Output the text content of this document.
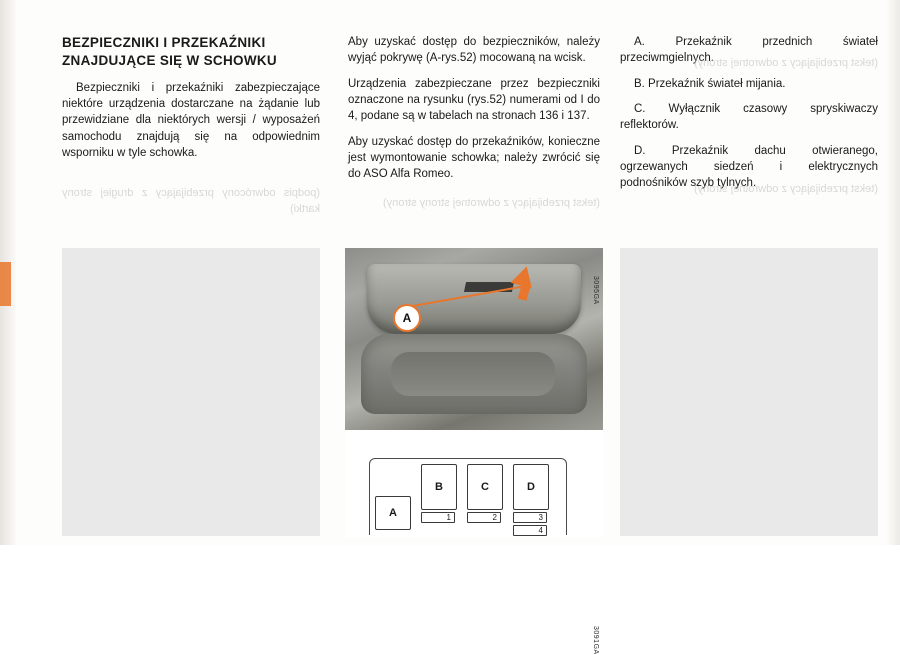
BEZPIECZNIKI I PRZEKAŹNIKI ZNAJDUJĄCE SIĘ W SCHOWKU

Bezpieczniki i przekaźniki zabezpieczające niektóre urządzenia dostarczane na żądanie lub przewidziane dla niektórych wersji / wyposażeń samochodu znajdują się na odpowiednim wsporniku w tyle schowka.

(podpis odwrócony przebijający z drugiej strony kartki)

Aby uzyskać dostęp do bezpieczników, należy wyjąć pokrywę (A-rys.52) mocowaną na wcisk.

Urządzenia zabezpieczane przez bezpieczniki oznaczone na rysunku (rys.52) numerami od I do 4, podane są w tabelach na stronach 136 i 137.

Aby uzyskać dostęp do przekaźników, konieczne jest wymontowanie schowka; należy zwrócić się do ASO Alfa Romeo.

(tekst przebijający z odwrotnej strony strony)

A. Przekaźnik przednich świateł przeciwmgielnych.

B. Przekaźnik świateł mijania.

C. Wyłącznik czasowy spryskiwaczy reflektorów.

D. Przekaźnik dachu otwieranego, ogrzewanych siedzeń i elektrycznych podnośników szyb tylnych.

(tekst przebijający z odwrotnej strony)
(tekst przebijający z odwrotnej strony)
A
3095GA
A
B	C	D
1	2	3
4
3091GA
